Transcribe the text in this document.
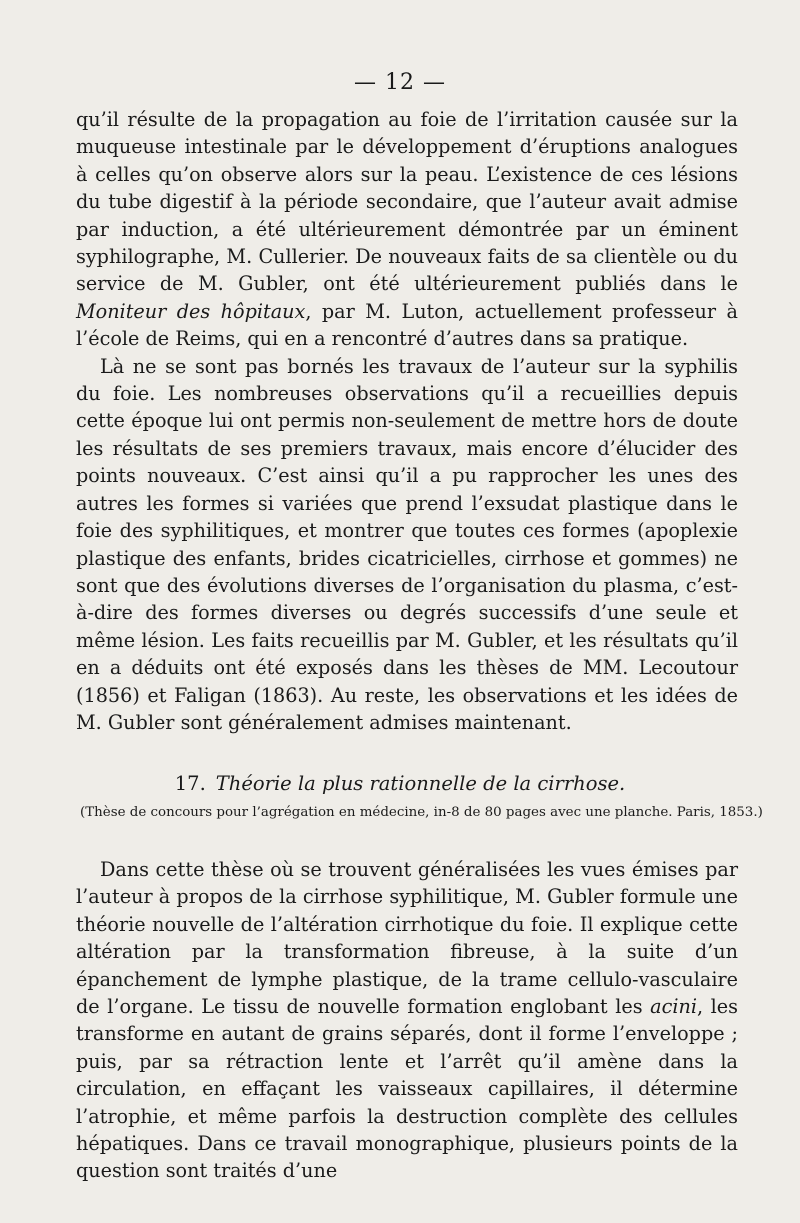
— 12 —

qu’il résulte de la propagation au foie de l’irritation causée sur la muqueuse intestinale par le développement d’éruptions analogues à celles qu’on observe alors sur la peau. L’existence de ces lésions du tube digestif à la période secondaire, que l’auteur avait admise par induction, a été ultérieurement démontrée par un éminent syphilographe, M. Cullerier. De nouveaux faits de sa clientèle ou du service de M. Gubler, ont été ultérieurement publiés dans le Moniteur des hôpitaux, par M. Luton, actuellement professeur à l’école de Reims, qui en a rencontré d’autres dans sa pratique.

Là ne se sont pas bornés les travaux de l’auteur sur la syphilis du foie. Les nombreuses observations qu’il a recueillies depuis cette époque lui ont permis non-seulement de mettre hors de doute les résultats de ses premiers travaux, mais encore d’élucider des points nouveaux. C’est ainsi qu’il a pu rapprocher les unes des autres les formes si variées que prend l’exsudat plastique dans le foie des syphilitiques, et montrer que toutes ces formes (apoplexie plastique des enfants, brides cicatricielles, cirrhose et gommes) ne sont que des évolutions diverses de l’organisation du plasma, c’est-à-dire des formes diverses ou degrés successifs d’une seule et même lésion. Les faits recueillis par M. Gubler, et les résultats qu’il en a déduits ont été exposés dans les thèses de MM. Lecoutour (1856) et Faligan (1863). Au reste, les observations et les idées de M. Gubler sont généralement admises maintenant.

17. Théorie la plus rationnelle de la cirrhose.
(Thèse de concours pour l’agrégation en médecine, in-8 de 80 pages avec une planche. Paris, 1853.)

Dans cette thèse où se trouvent généralisées les vues émises par l’auteur à propos de la cirrhose syphilitique, M. Gubler formule une théorie nouvelle de l’altération cirrhotique du foie. Il explique cette altération par la transformation fibreuse, à la suite d’un épanchement de lymphe plastique, de la trame cellulo-vasculaire de l’organe. Le tissu de nouvelle formation englobant les acini, les transforme en autant de grains séparés, dont il forme l’enveloppe ; puis, par sa rétraction lente et l’arrêt qu’il amène dans la circulation, en effaçant les vaisseaux capillaires, il détermine l’atrophie, et même parfois la destruction complète des cellules hépatiques. Dans ce travail monographique, plusieurs points de la question sont traités d’une
